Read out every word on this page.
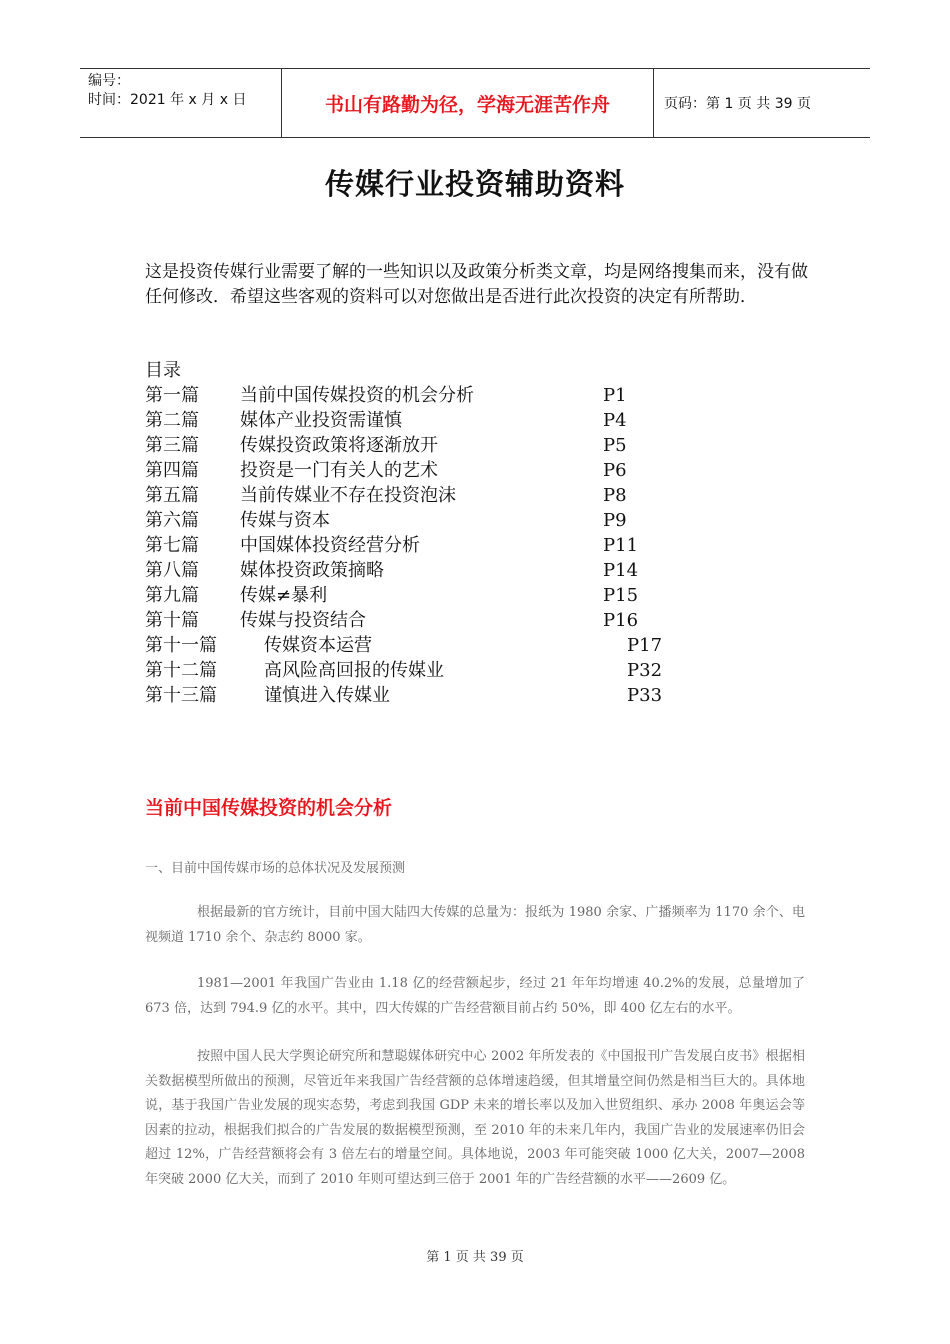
编号：
时间：2021 年 x 月 x 日	书山有路勤为径，学海无涯苦作舟	页码：第 1 页 共 39 页
传媒行业投资辅助资料
这是投资传媒行业需要了解的一些知识以及政策分析类文章，均是网络搜集而来，没有做任何修改．希望这些客观的资料可以对您做出是否进行此次投资的决定有所帮助．
目录
第一篇	当前中国传媒投资的机会分析	P1
第二篇	媒体产业投资需谨慎	P4
第三篇	传媒投资政策将逐渐放开	P5
第四篇	投资是一门有关人的艺术	P6
第五篇	当前传媒业不存在投资泡沫	P8
第六篇	传媒与资本	P9
第七篇	中国媒体投资经营分析	P11
第八篇	媒体投资政策摘略	P14
第九篇	传媒≠暴利	P15
第十篇	传媒与投资结合	P16
第十一篇	传媒资本运营	P17
第十二篇	高风险高回报的传媒业	P32
第十三篇	谨慎进入传媒业	P33
当前中国传媒投资的机会分析
一、目前中国传媒市场的总体状况及发展预测
根据最新的官方统计，目前中国大陆四大传媒的总量为：报纸为 1980 余家、广播频率为 1170 余个、电视频道 1710 余个、杂志约 8000 家。
1981—2001 年我国广告业由 1.18 亿的经营额起步，经过 21 年年均增速 40.2%的发展，总量增加了 673 倍，达到 794.9 亿的水平。其中，四大传媒的广告经营额目前占约 50%，即 400 亿左右的水平。
按照中国人民大学舆论研究所和慧聪媒体研究中心 2002 年所发表的《中国报刊广告发展白皮书》根据相关数据模型所做出的预测，尽管近年来我国广告经营额的总体增速趋缓，但其增量空间仍然是相当巨大的。具体地说，基于我国广告业发展的现实态势，考虑到我国 GDP 未来的增长率以及加入世贸组织、承办 2008 年奥运会等因素的拉动，根据我们拟合的广告发展的数据模型预测，至 2010 年的未来几年内，我国广告业的发展速率仍旧会超过 12%，广告经营额将会有 3 倍左右的增量空间。具体地说，2003 年可能突破 1000 亿大关，2007—2008 年突破 2000 亿大关，而到了 2010 年则可望达到三倍于 2001 年的广告经营额的水平——2609 亿。
第 1 页 共 39 页
